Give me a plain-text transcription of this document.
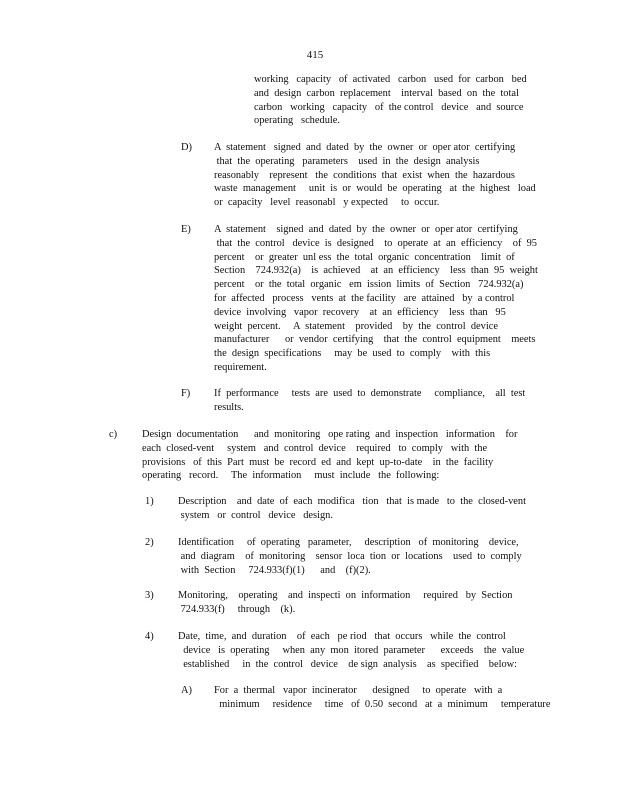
415
working   capacity   of  activated   carbon   used  for  carbon   bed
and  design  carbon  replacement    interval  based  on  the  total
carbon   working   capacity   of  the control   device   and  source
operating   schedule.
D) A  statement   signed  and  dated  by  the  owner  or  oper ator  certifying
that  the  operating   parameters    used  in  the  design  analysis
reasonably    represent   the  conditions  that  exist  when  the  hazardous
waste  management     unit  is  or  would  be  operating   at  the  highest   load
or  capacity   level  reasonabl   y expected     to  occur.
E) A  statement    signed  and  dated  by  the  owner  or  oper ator  certifying
that  the  control   device  is  designed    to  operate  at  an  efficiency    of  95
percent    or  greater  unl ess  the  total  organic  concentration    limit  of
Section    724.932(a)    is  achieved    at  an  efficiency    less  than  95  weight
percent    or  the  total  organic   em  ission  limits  of  Section   724.932(a)
for  affected   process   vents  at  the facility   are  attained   by  a control
device  involving   vapor  recovery    at  an  efficiency    less  than   95
weight  percent.     A  statement    provided    by  the  control  device
manufacturer      or  vendor  certifying    that  the  control  equipment    meets
the  design  specifications     may  be  used  to  comply    with  this
requirement.
F) If  performance     tests  are  used  to  demonstrate     compliance,    all  test
results.
c) Design  documentation      and  monitoring   ope rating  and  inspection   information    for
each  closed-vent     system   and  control  device    required   to  comply   with  the
provisions   of  this  Part  must  be  record  ed  and  kept  up-to-date    in  the  facility
operating   record.     The  information     must  include   the  following:
1) Description    and  date  of  each  modifica   tion   that  is made   to  the  closed-vent
system   or  control   device   design.
2) Identification     of  operating   parameter,     description   of  monitoring    device,
and  diagram    of  monitoring    sensor  loca  tion  or  locations    used  to  comply
with  Section     724.933(f)(1)      and    (f)(2).
3) Monitoring,    operating    and  inspecti  on  information     required   by  Section
724.933(f)     through    (k).
4) Date,  time,  and  duration    of  each   pe riod   that  occurs   while  the  control
device   is  operating     when  any  mon  itored  parameter      exceeds    the  value
established     in  the  control   device    de sign  analysis    as  specified    below:
A) For  a  thermal   vapor  incinerator      designed     to  operate   with  a
minimum     residence     time   of  0.50  second   at  a  minimum     temperature
